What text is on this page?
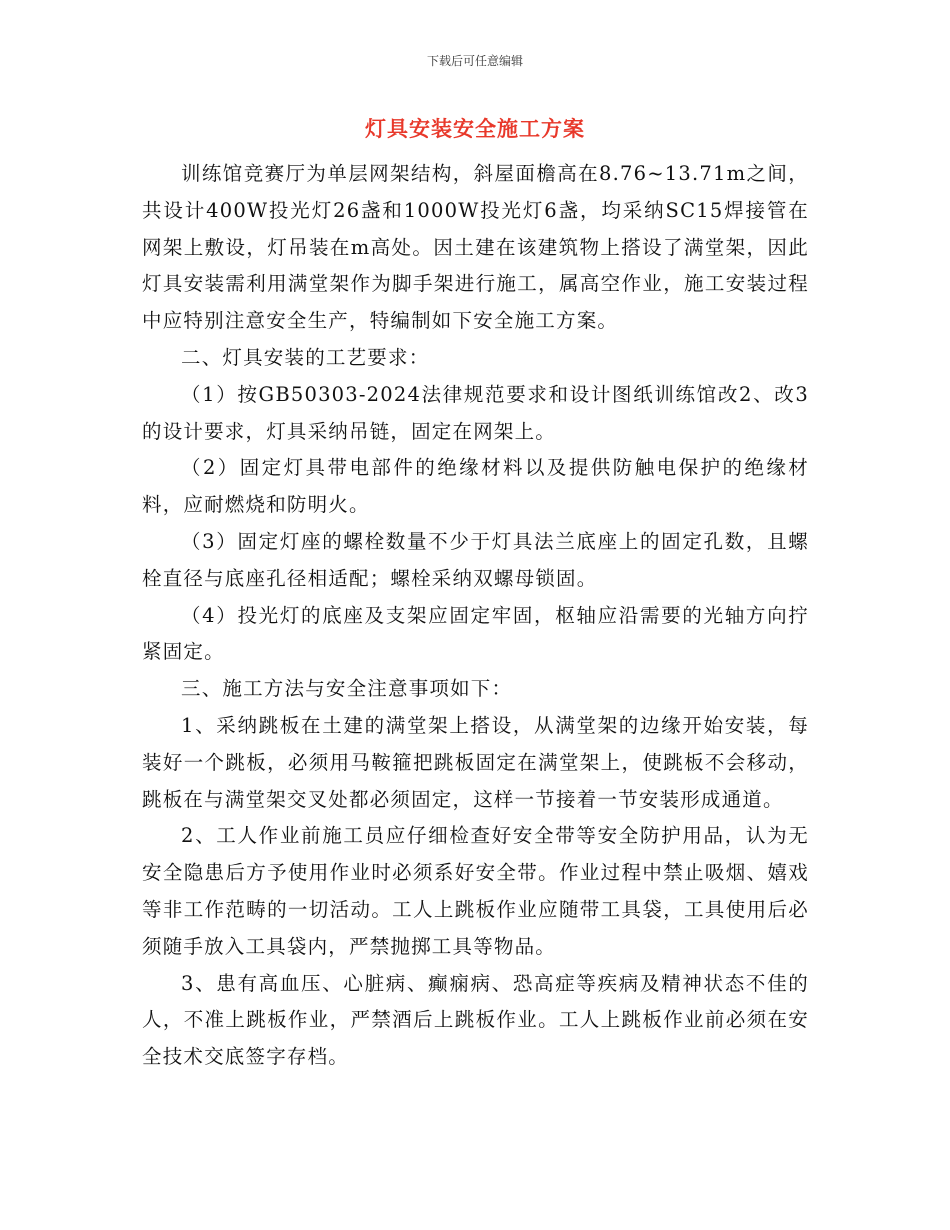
下载后可任意编辑
灯具安装安全施工方案

训练馆竞赛厅为单层网架结构，斜屋面檐高在8.76~13.71m之间，共设计400W投光灯26盏和1000W投光灯6盏，均采纳SC15焊接管在网架上敷设，灯吊装在m高处。因土建在该建筑物上搭设了满堂架，因此灯具安装需利用满堂架作为脚手架进行施工，属高空作业，施工安装过程中应特别注意安全生产，特编制如下安全施工方案。

二、灯具安装的工艺要求：

（1）按GB50303-2024法律规范要求和设计图纸训练馆改2、改3的设计要求，灯具采纳吊链，固定在网架上。

（2）固定灯具带电部件的绝缘材料以及提供防触电保护的绝缘材料，应耐燃烧和防明火。

（3）固定灯座的螺栓数量不少于灯具法兰底座上的固定孔数，且螺栓直径与底座孔径相适配；螺栓采纳双螺母锁固。

（4）投光灯的底座及支架应固定牢固，枢轴应沿需要的光轴方向拧紧固定。

三、施工方法与安全注意事项如下：

1、采纳跳板在土建的满堂架上搭设，从满堂架的边缘开始安装，每装好一个跳板，必须用马鞍箍把跳板固定在满堂架上，使跳板不会移动，跳板在与满堂架交叉处都必须固定，这样一节接着一节安装形成通道。

2、工人作业前施工员应仔细检查好安全带等安全防护用品，认为无安全隐患后方予使用作业时必须系好安全带。作业过程中禁止吸烟、嬉戏等非工作范畴的一切活动。工人上跳板作业应随带工具袋，工具使用后必须随手放入工具袋内，严禁抛掷工具等物品。

3、患有高血压、心脏病、癫痫病、恐高症等疾病及精神状态不佳的人，不准上跳板作业，严禁酒后上跳板作业。工人上跳板作业前必须在安全技术交底签字存档。
